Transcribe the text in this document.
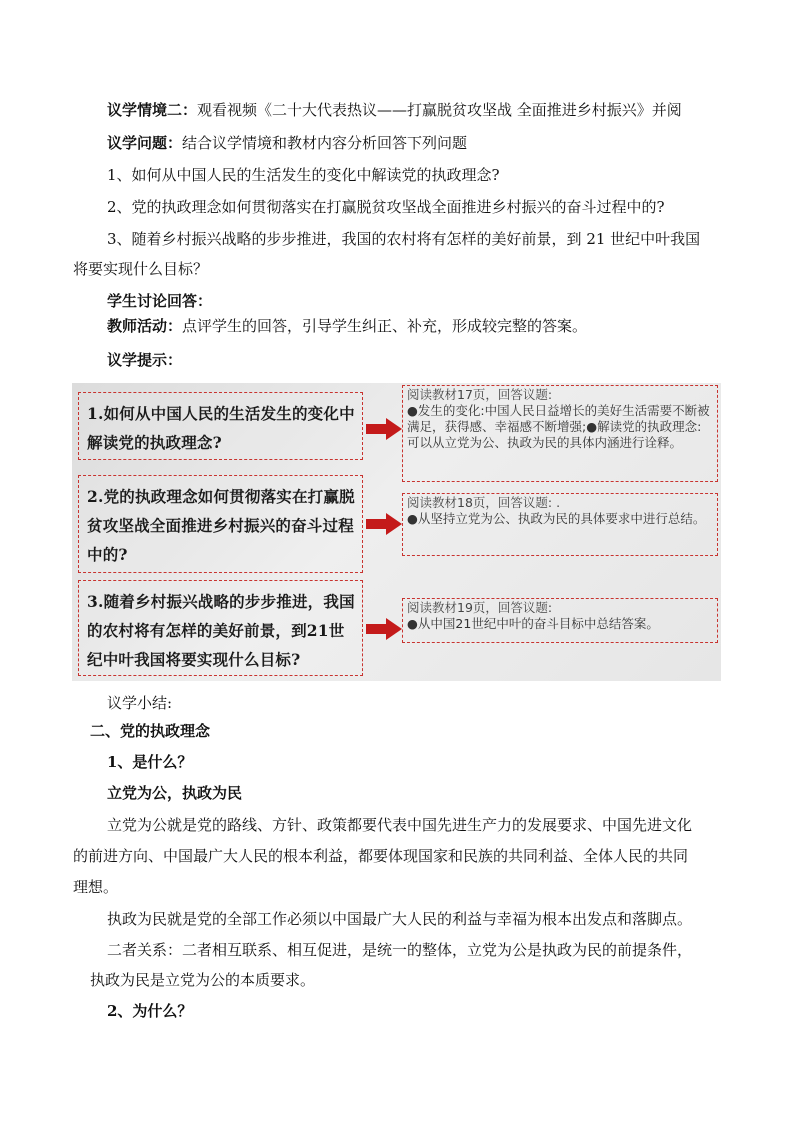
议学情境二：观看视频《二十大代表热议——打赢脱贫攻坚战 全面推进乡村振兴》并阅
议学问题：结合议学情境和教材内容分析回答下列问题
1、如何从中国人民的生活发生的变化中解读党的执政理念?
2、党的执政理念如何贯彻落实在打赢脱贫攻坚战全面推进乡村振兴的奋斗过程中的?
3、随着乡村振兴战略的步步推进，我国的农村将有怎样的美好前景，到 21 世纪中叶我国
将要实现什么目标？
学生讨论回答：
教师活动：点评学生的回答，引导学生纠正、补充，形成较完整的答案。
议学提示：
1.如何从中国人民的生活发生的变化中解读党的执政理念?
阅读教材17页，回答议题:
●发生的变化:中国人民日益增长的美好生活需要不断被满足，获得感、幸福感不断增强;●解读党的执政理念:可以从立党为公、执政为民的具体内涵进行诠释。
2.党的执政理念如何贯彻落实在打赢脱贫攻坚战全面推进乡村振兴的奋斗过程中的?
阅读教材18页，回答议题: .
●从坚持立党为公、执政为民的具体要求中进行总结。
3.随着乡村振兴战略的步步推进，我国的农村将有怎样的美好前景，到21世纪中叶我国将要实现什么目标?
阅读教材19页，回答议题:
●从中国21世纪中叶的奋斗目标中总结答案。
议学小结:
二、党的执政理念
1、是什么？
立党为公，执政为民
立党为公就是党的路线、方针、政策都要代表中国先进生产力的发展要求、中国先进文化
的前进方向、中国最广大人民的根本利益，都要体现国家和民族的共同利益、全体人民的共同
理想。
执政为民就是党的全部工作必须以中国最广大人民的利益与幸福为根本出发点和落脚点。
二者关系：二者相互联系、相互促进，是统一的整体，立党为公是执政为民的前提条件，
执政为民是立党为公的本质要求。
2、为什么？
